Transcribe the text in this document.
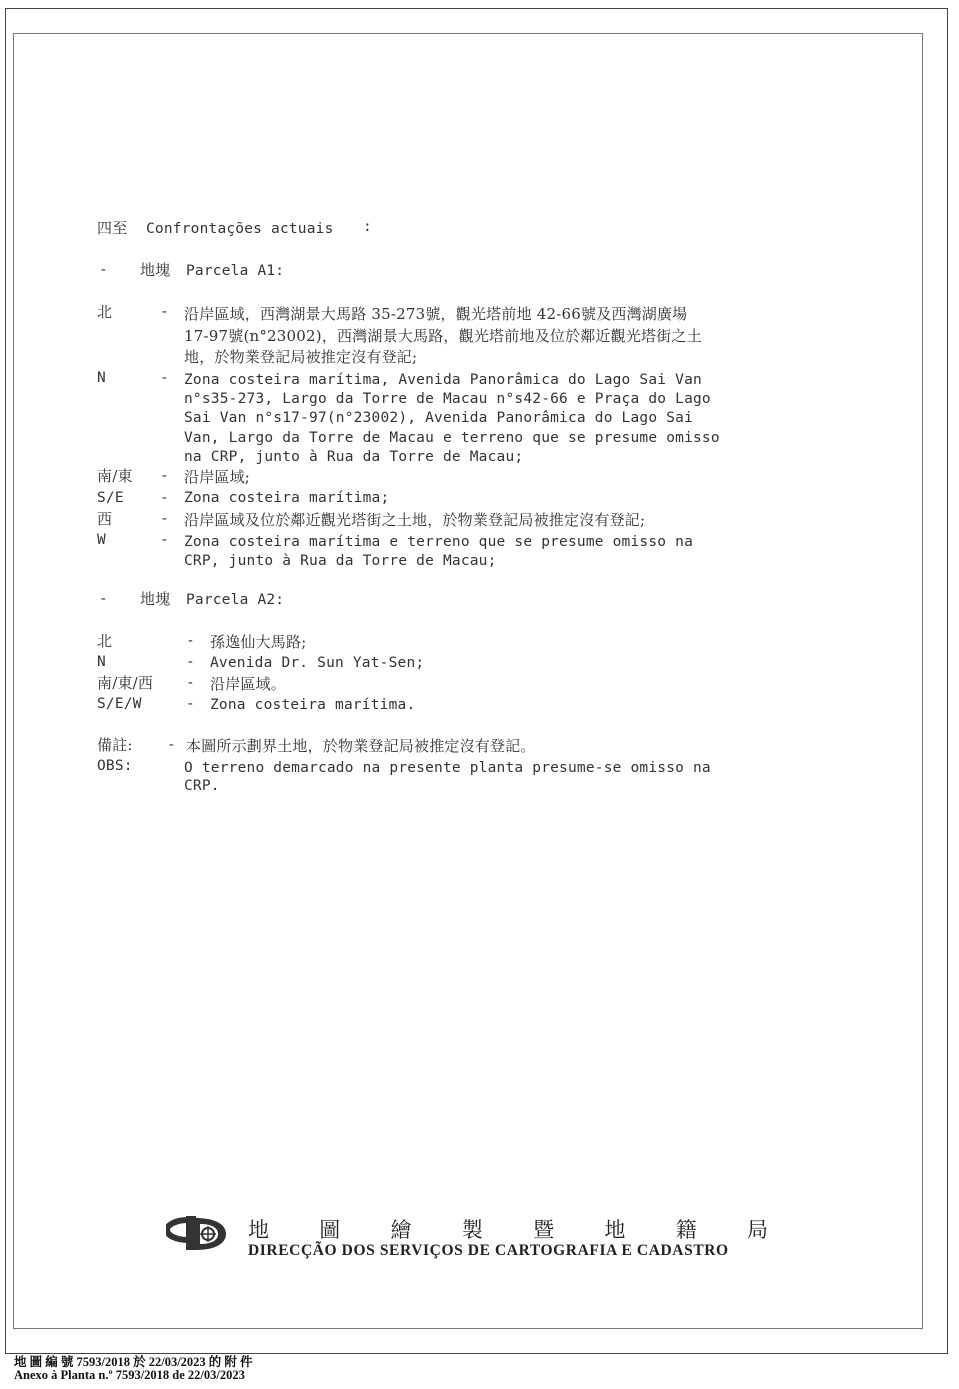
四至 Confrontações actuais :
- 地塊 Parcela A1:
北	- 沿岸區域，西灣湖景大馬路 35-273號，觀光塔前地 42-66號及西灣湖廣場
17-97號(n°23002)，西灣湖景大馬路，觀光塔前地及位於鄰近觀光塔街之土
地，於物業登記局被推定沒有登記;
N	- Zona costeira marítima, Avenida Panorâmica do Lago Sai Van
n°s35-273, Largo da Torre de Macau n°s42-66 e Praça do Lago
Sai Van n°s17-97(n°23002), Avenida Panorâmica do Lago Sai
Van, Largo da Torre de Macau e terreno que se presume omisso
na CRP, junto à Rua da Torre de Macau;
南/東 - 沿岸區域;
S/E - Zona costeira marítima;
西	- 沿岸區域及位於鄰近觀光塔街之土地，於物業登記局被推定沒有登記;
W	- Zona costeira marítima e terreno que se presume omisso na
CRP, junto à Rua da Torre de Macau;
- 地塊 Parcela A2:
北	- 孫逸仙大馬路;
N	- Avenida Dr. Sun Yat-Sen;
南/東/西 - 沿岸區域。
S/E/W	- Zona costeira marítima.
備註: - 本圖所示劃界土地，於物業登記局被推定沒有登記。
OBS:	O terreno demarcado na presente planta presume-se omisso na
CRP.
地 圖 繪 製 暨 地 籍 局
DIRECÇÃO DOS SERVIÇOS DE CARTOGRAFIA E CADASTRO
地 圖 編 號 7593/2018 於 22/03/2023 的 附 件
Anexo à Planta n.º 7593/2018 de 22/03/2023
